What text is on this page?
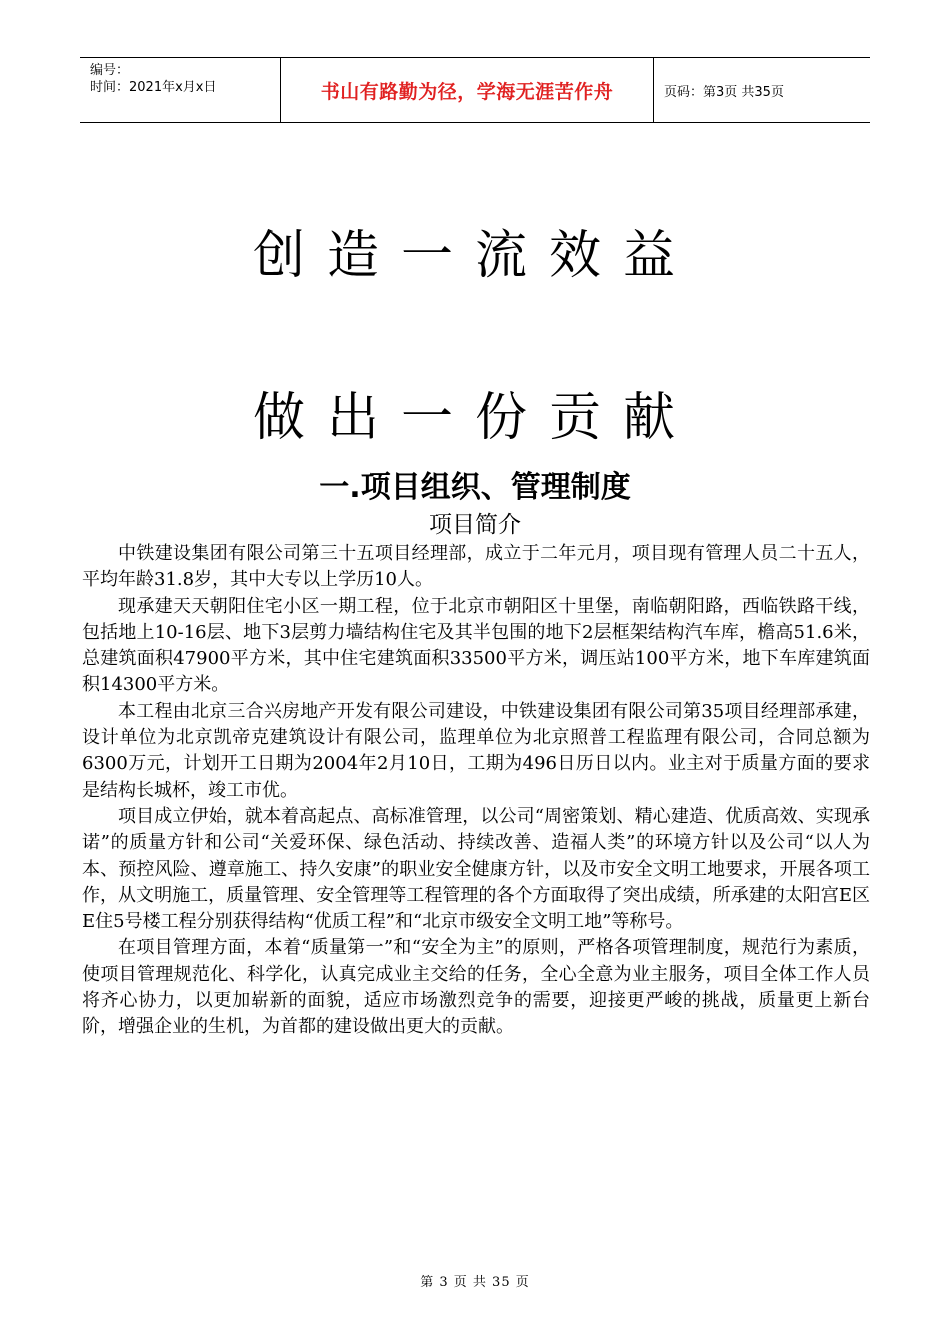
编号：
时间：2021年x月x日	书山有路勤为径，学海无涯苦作舟	页码：第3页 共35页
创造一流效益
做出一份贡献
一.项目组织、管理制度
项目简介

中铁建设集团有限公司第三十五项目经理部，成立于二年元月，项目现有管理人员二十五人，平均年龄31.8岁，其中大专以上学历10人。

现承建天天朝阳住宅小区一期工程，位于北京市朝阳区十里堡，南临朝阳路，西临铁路干线，包括地上10-16层、地下3层剪力墙结构住宅及其半包围的地下2层框架结构汽车库，檐高51.6米，总建筑面积47900平方米，其中住宅建筑面积33500平方米，调压站100平方米，地下车库建筑面积14300平方米。

本工程由北京三合兴房地产开发有限公司建设，中铁建设集团有限公司第35项目经理部承建，设计单位为北京凯帝克建筑设计有限公司，监理单位为北京照普工程监理有限公司，合同总额为6300万元，计划开工日期为2004年2月10日，工期为496日历日以内。业主对于质量方面的要求是结构长城杯，竣工市优。

项目成立伊始，就本着高起点、高标准管理，以公司“周密策划、精心建造、优质高效、实现承诺”的质量方针和公司“关爱环保、绿色活动、持续改善、造福人类”的环境方针以及公司“以人为本、预控风险、遵章施工、持久安康”的职业安全健康方针，以及市安全文明工地要求，开展各项工作，从文明施工，质量管理、安全管理等工程管理的各个方面取得了突出成绩，所承建的太阳宫E区E住5号楼工程分别获得结构“优质工程”和“北京市级安全文明工地”等称号。

在项目管理方面，本着“质量第一”和“安全为主”的原则，严格各项管理制度，规范行为素质，使项目管理规范化、科学化，认真完成业主交给的任务，全心全意为业主服务，项目全体工作人员将齐心协力，以更加崭新的面貌，适应市场激烈竞争的需要，迎接更严峻的挑战，质量更上新台阶，增强企业的生机，为首都的建设做出更大的贡献。

第 3 页 共 35 页
